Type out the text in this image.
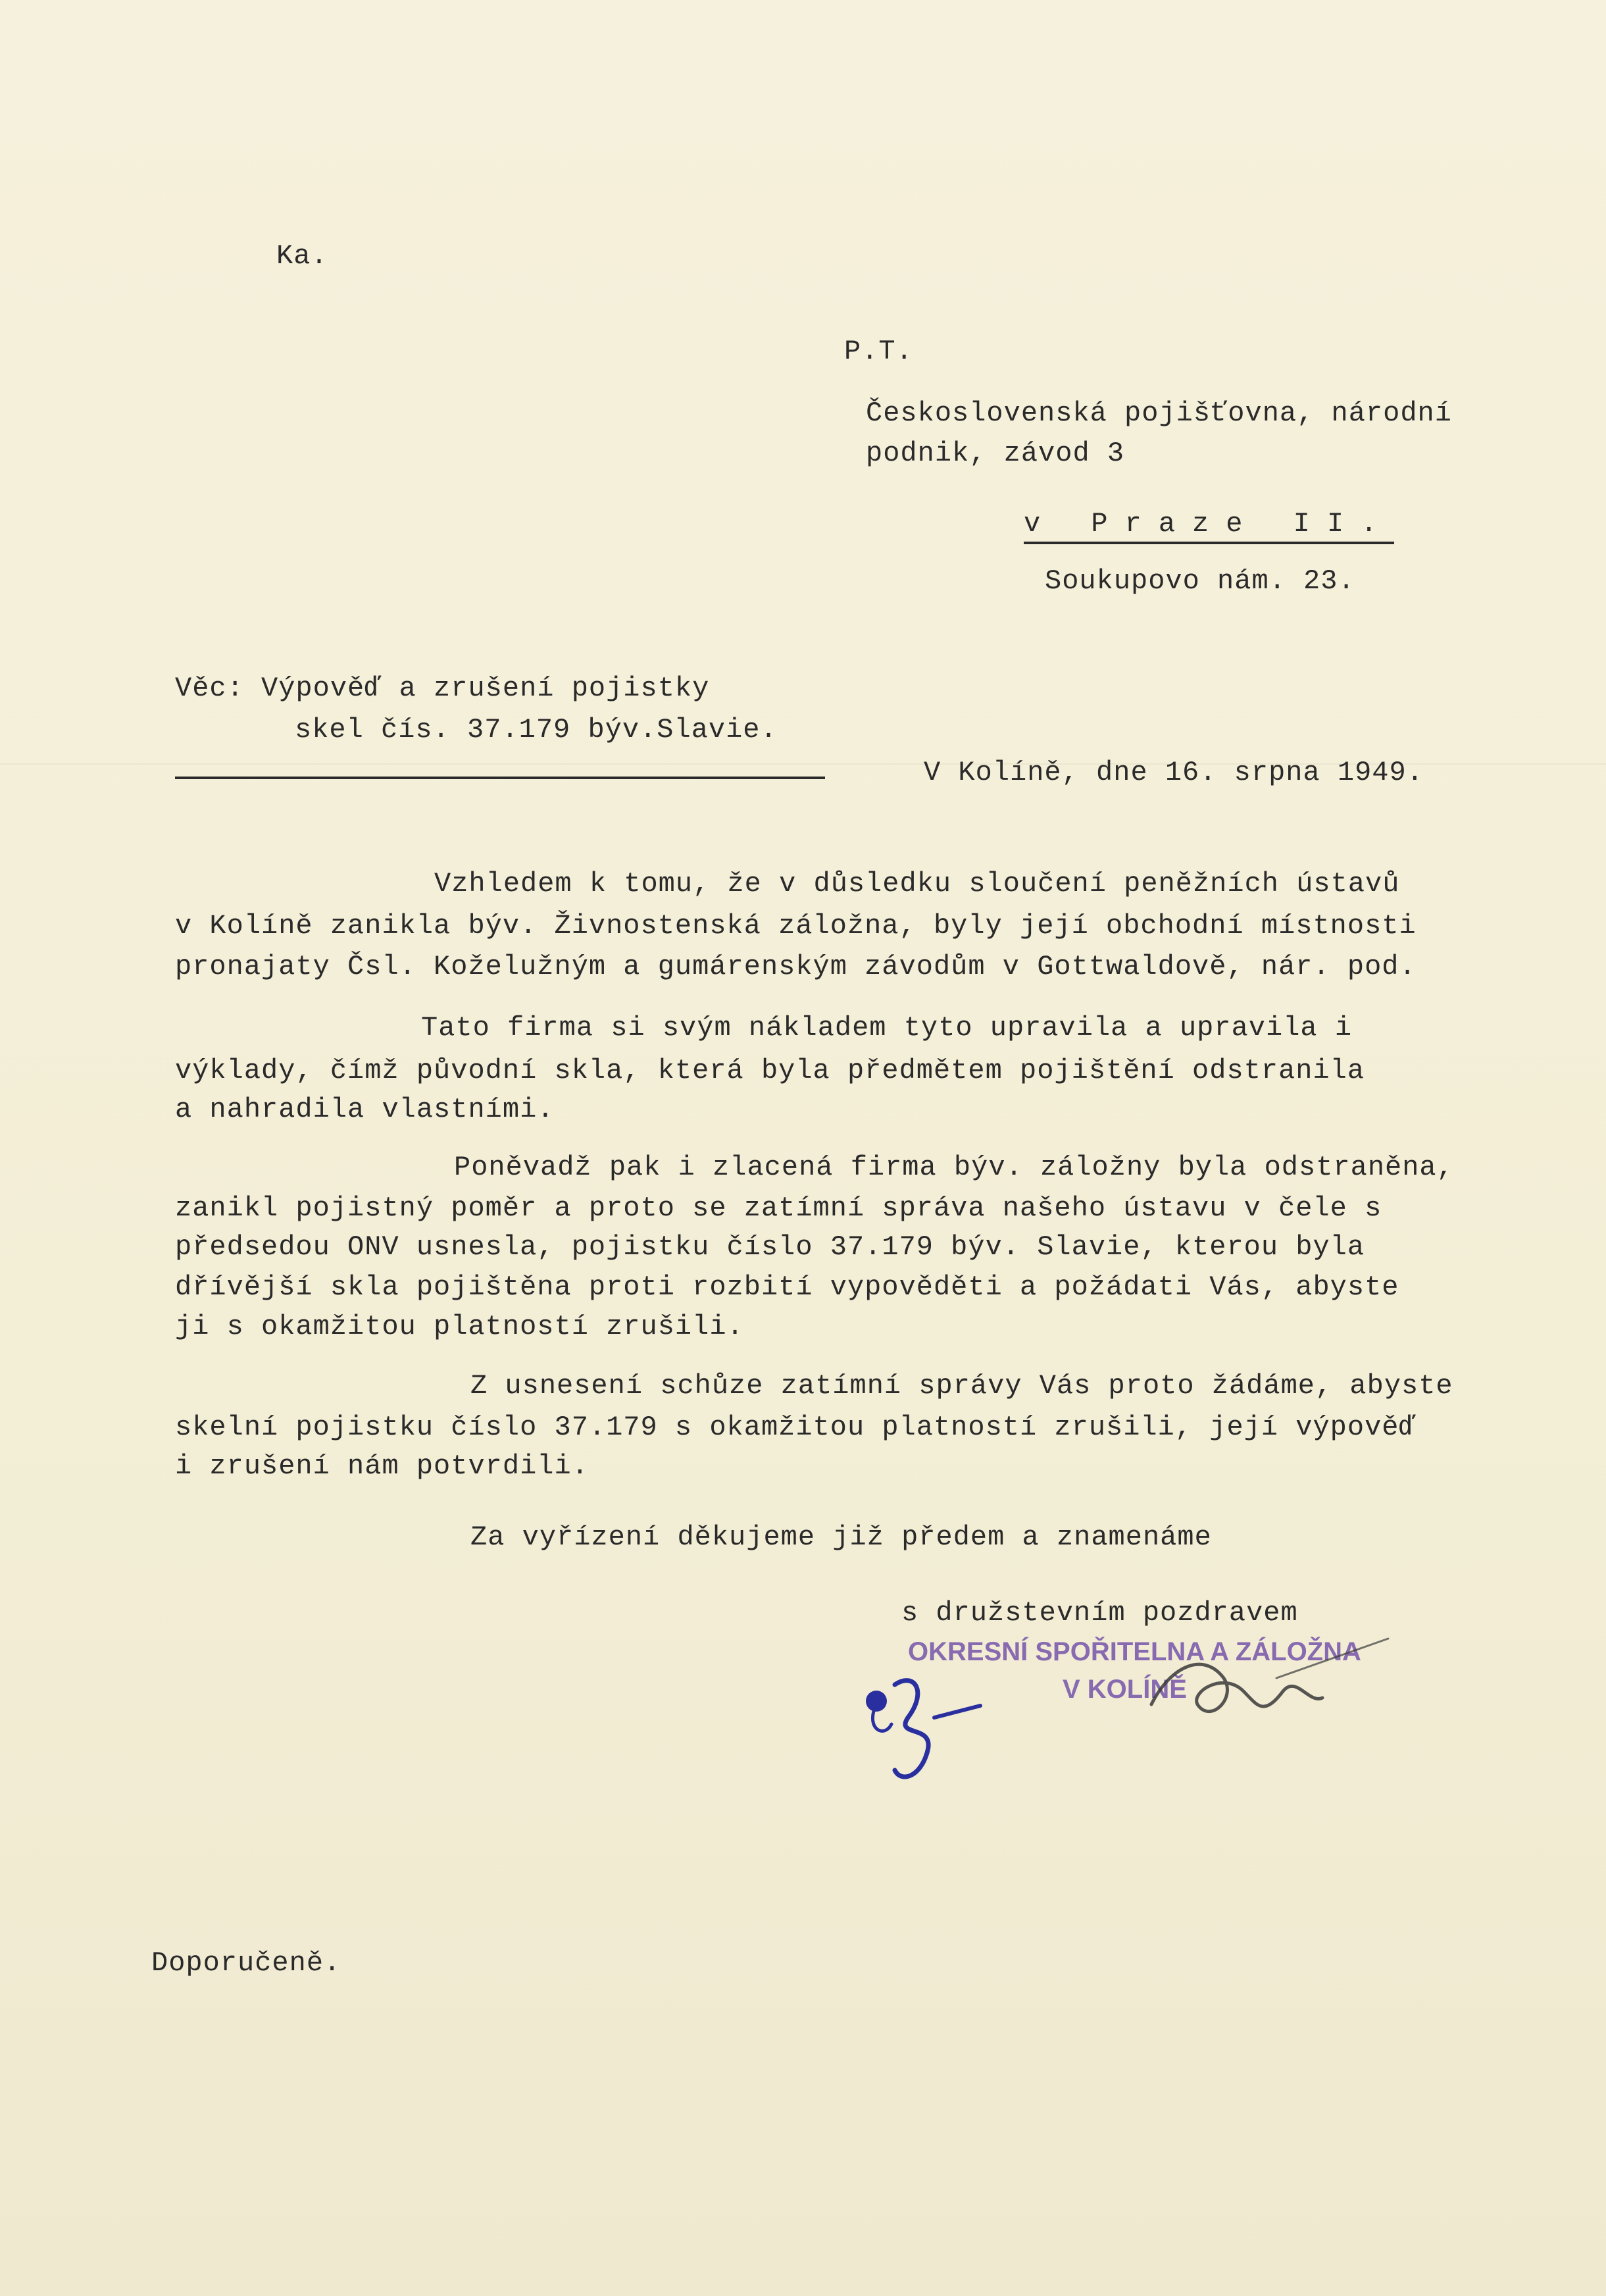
Ka.
P.T.
Československá pojišťovna, národní
podnik, závod 3
v Praze II.
Soukupovo nám. 23.
Věc: Výpověď a zrušení pojistky
skel čís. 37.179 býv.Slavie.
V Kolíně, dne 16. srpna 1949.
Vzhledem k tomu, že v důsledku sloučení peněžních ústavů
v Kolíně zanikla býv. Živnostenská záložna, byly její obchodní místnosti
pronajaty Čsl. Koželužným a gumárenským závodům v Gottwaldově, nár. pod.
Tato firma si svým nákladem tyto upravila a upravila i
výklady, čímž původní skla, která byla předmětem pojištění odstranila
a nahradila vlastními.
Poněvadž pak i zlacená firma býv. záložny byla odstraněna,
zanikl pojistný poměr a proto se zatímní správa našeho ústavu v čele s
předsedou ONV usnesla, pojistku číslo 37.179 býv. Slavie, kterou byla
dřívější skla pojištěna proti rozbití vypověděti a požádati Vás, abyste
ji s okamžitou platností zrušili.
Z usnesení schůze zatímní správy Vás proto žádáme, abyste
skelní pojistku číslo 37.179 s okamžitou platností zrušili, její výpověď
i zrušení nám potvrdili.
Za vyřízení děkujeme již předem a znamenáme
s družstevním pozdravem
OKRESNÍ SPOŘITELNA A ZÁLOŽNA
V KOLÍNĚ
Doporučeně.
